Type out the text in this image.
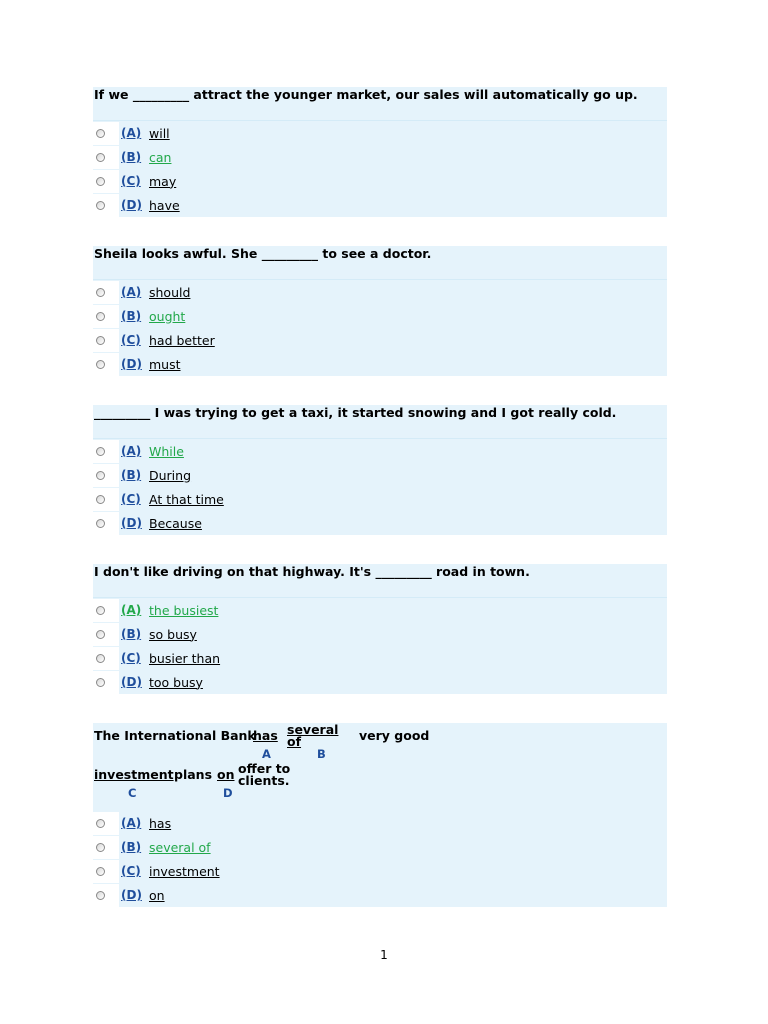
If we _________ attract the younger market, our sales will automatically go up.
(A) will
(B) can
(C) may
(D) have
Sheila looks awful. She _________ to see a doctor.
(A) should
(B) ought
(C) had better
(D) must
_________ I was trying to get a taxi, it started snowing and I got really cold.
(A) While
(B) During
(C) At that time
(D) Because
I don't like driving on that highway. It's _________ road in town.
(A) the busiest
(B) so busy
(C) busier than
(D) too busy
The International Bank
has
A
several
of
B
very good
investment
C
plans on
D
offer to
clients.
(A) has
(B) several of
(C) investment
(D) on
1
